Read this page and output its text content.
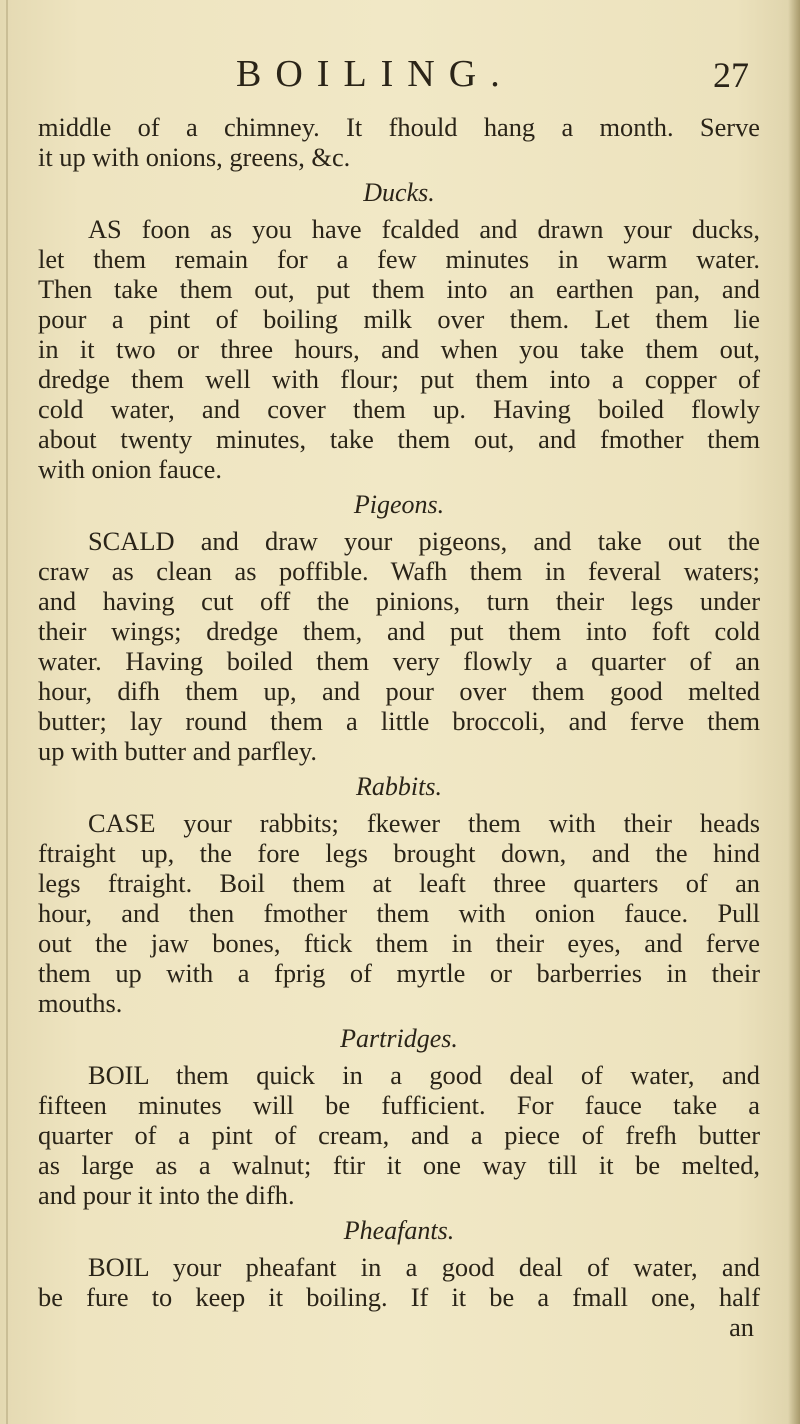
BOILING.	27
middle of a chimney. It fhould hang a month. Serve
it up with onions, greens, &c.
Ducks.
AS foon as you have fcalded and drawn your ducks,
let them remain for a few minutes in warm water.
Then take them out, put them into an earthen pan, and
pour a pint of boiling milk over them. Let them lie
in it two or three hours, and when you take them out,
dredge them well with flour; put them into a copper of
cold water, and cover them up. Having boiled flowly
about twenty minutes, take them out, and fmother them
with onion fauce.
Pigeons.
SCALD and draw your pigeons, and take out the
craw as clean as poffible. Wafh them in feveral waters;
and having cut off the pinions, turn their legs under
their wings; dredge them, and put them into foft cold
water. Having boiled them very flowly a quarter of an
hour, difh them up, and pour over them good melted
butter; lay round them a little broccoli, and ferve them
up with butter and parfley.
Rabbits.
CASE your rabbits; fkewer them with their heads
ftraight up, the fore legs brought down, and the hind
legs ftraight. Boil them at leaft three quarters of an
hour, and then fmother them with onion fauce. Pull
out the jaw bones, ftick them in their eyes, and ferve
them up with a fprig of myrtle or barberries in their
mouths.
Partridges.
BOIL them quick in a good deal of water, and
fifteen minutes will be fufficient. For fauce take a
quarter of a pint of cream, and a piece of frefh butter
as large as a walnut; ftir it one way till it be melted,
and pour it into the difh.
Pheafants.
BOIL your pheafant in a good deal of water, and
be fure to keep it boiling. If it be a fmall one, half
an
